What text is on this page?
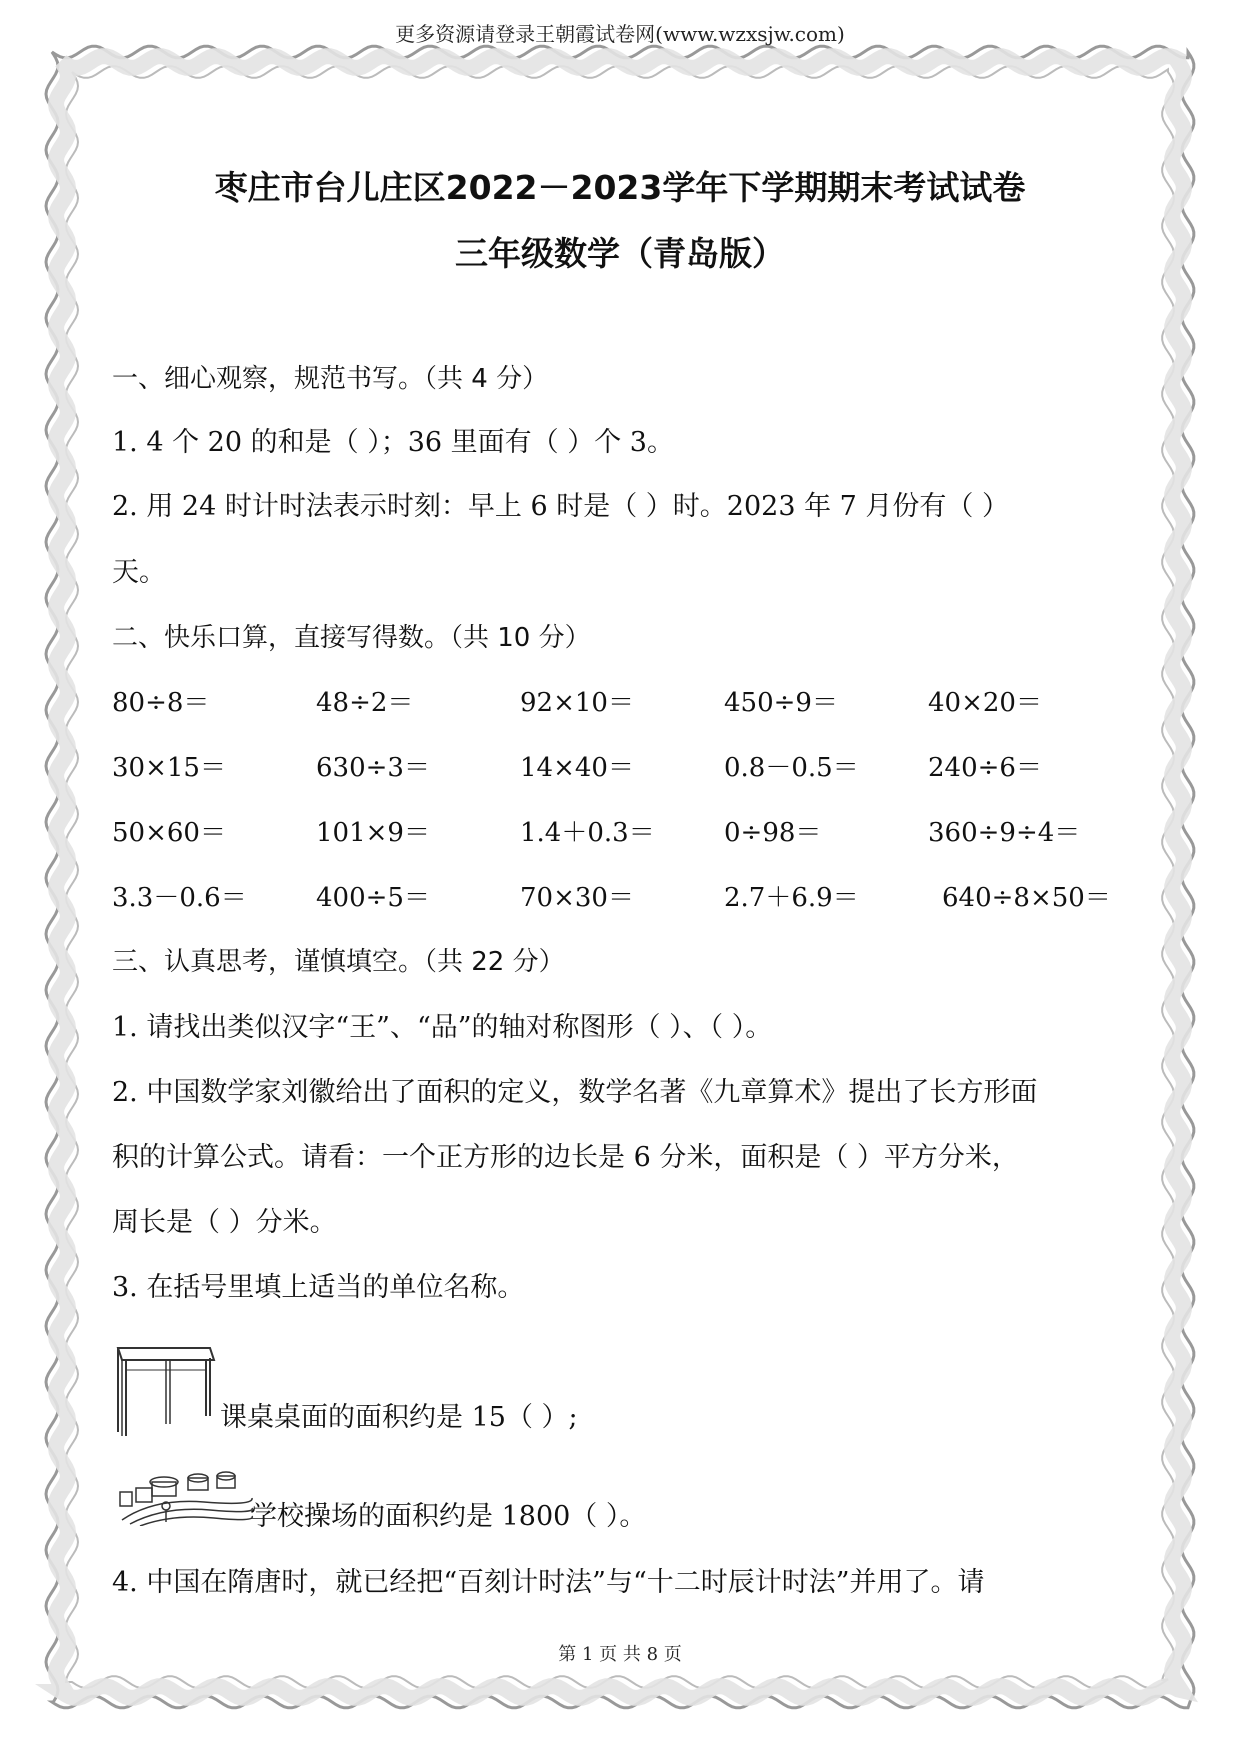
更多资源请登录王朝霞试卷网(www.wzxsjw.com)
枣庄市台儿庄区2022－2023学年下学期期末考试试卷
三年级数学（青岛版）
一、细心观察，规范书写。（共 4 分）
1. 4 个 20 的和是（ ）；36 里面有（ ）个 3。
2. 用 24 时计时法表示时刻：早上 6 时是（ ）时。2023 年 7 月份有（ ）
天。
二、快乐口算，直接写得数。（共 10 分）
80÷8＝	48÷2＝	92×10＝	450÷9＝	40×20＝
30×15＝	630÷3＝	14×40＝	0.8－0.5＝	240÷6＝
50×60＝	101×9＝	1.4＋0.3＝	0÷98＝	360÷9÷4＝
3.3－0.6＝	400÷5＝	70×30＝	2.7＋6.9＝	640÷8×50＝
三、认真思考，谨慎填空。（共 22 分）
1. 请找出类似汉字“王”、“品”的轴对称图形（ ）、（ ）。
2. 中国数学家刘徽给出了面积的定义，数学名著《九章算术》提出了长方形面
积的计算公式。请看：一个正方形的边长是 6 分米，面积是（ ）平方分米，
周长是（ ）分米。
3. 在括号里填上适当的单位名称。
课桌桌面的面积约是 15（ ）;
学校操场的面积约是 1800（ ）。
4. 中国在隋唐时，就已经把“百刻计时法”与“十二时辰计时法”并用了。请
第 1 页 共 8 页
